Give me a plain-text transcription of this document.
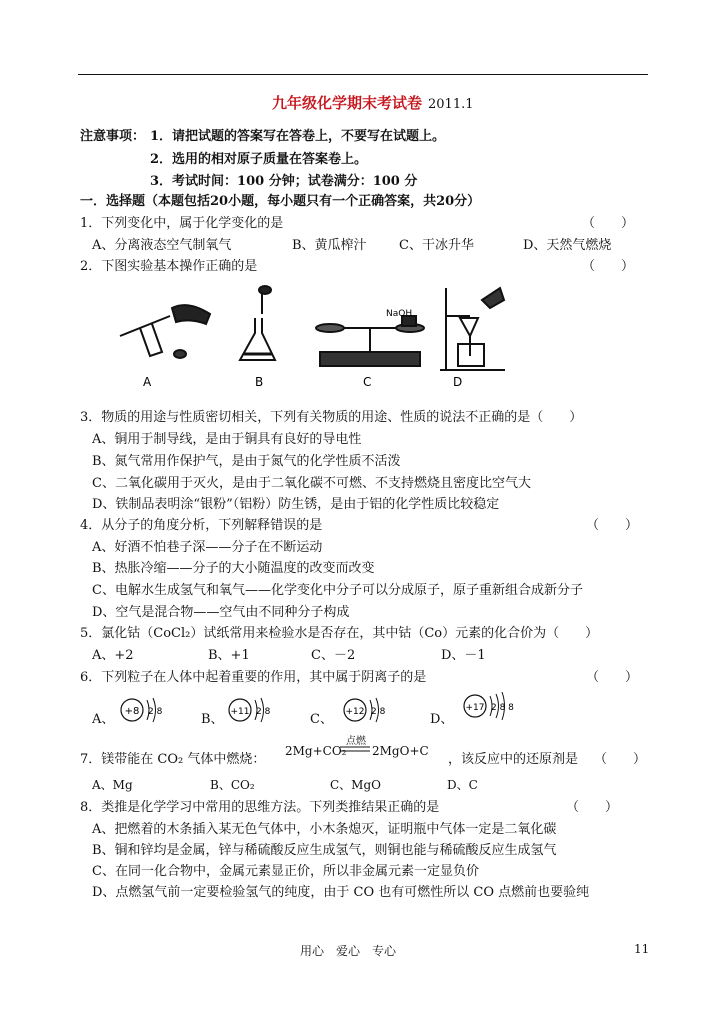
九年级化学期末考试卷 2011.1
注意事项： 1．请把试题的答案写在答卷上，不要写在试题上。
2．选用的相对原子质量在答案卷上。
3．考试时间：100 分钟；试卷满分：100 分
一．选择题（本题包括20小题，每小题只有一个正确答案，共20分）
1．下列变化中，属于化学变化的是	（　　）
A、分离液态空气制氧气	B、黄瓜榨汁 C、干冰升华	D、天然气燃烧
2．下图实验基本操作正确的是	（　　）
A	B
NaOH
C	D
3．物质的用途与性质密切相关，下列有关物质的用途、性质的说法不正确的是（　　）
A、铜用于制导线，是由于铜具有良好的导电性
B、氮气常用作保护气，是由于氮气的化学性质不活泼
C、二氧化碳用于灭火，是由于二氧化碳不可燃、不支持燃烧且密度比空气大
D、铁制品表明涂“银粉”（铝粉）防生锈，是由于铝的化学性质比较稳定
4．从分子的角度分析，下列解释错误的是	（　　）
A、好酒不怕巷子深——分子在不断运动
B、热胀冷缩——分子的大小随温度的改变而改变
C、电解水生成氢气和氧气——化学变化中分子可以分成原子，原子重新组合成新分子
D、空气是混合物——空气由不同种分子构成
5．氯化钴（CoCl₂）试纸常用来检验水是否存在，其中钴（Co）元素的化合价为（　　）
A、+2	B、+1	C、－2	D、－1
6．下列粒子在人体中起着重要的作用，其中属于阴离子的是	（　　）
A、	B、	C、	D、
+8 2 8	+11 2 8	+12 2 8	+17 2 8 8
7．镁带能在 CO₂ 气体中燃烧：
2Mg+CO₂
点燃
2MgO+C
，该反应中的还原剂是 （　　）
A、Mg	B、CO₂	C、MgO	D、C
8．类推是化学学习中常用的思维方法。下列类推结果正确的是	（　　）
A、把燃着的木条插入某无色气体中，小木条熄灭，证明瓶中气体一定是二氧化碳
B、铜和锌均是金属，锌与稀硫酸反应生成氢气，则铜也能与稀硫酸反应生成氢气
C、在同一化合物中，金属元素显正价，所以非金属元素一定显负价
D、点燃氢气前一定要检验氢气的纯度，由于 CO 也有可燃性所以 CO 点燃前也要验纯
用心　爱心　专心	11
